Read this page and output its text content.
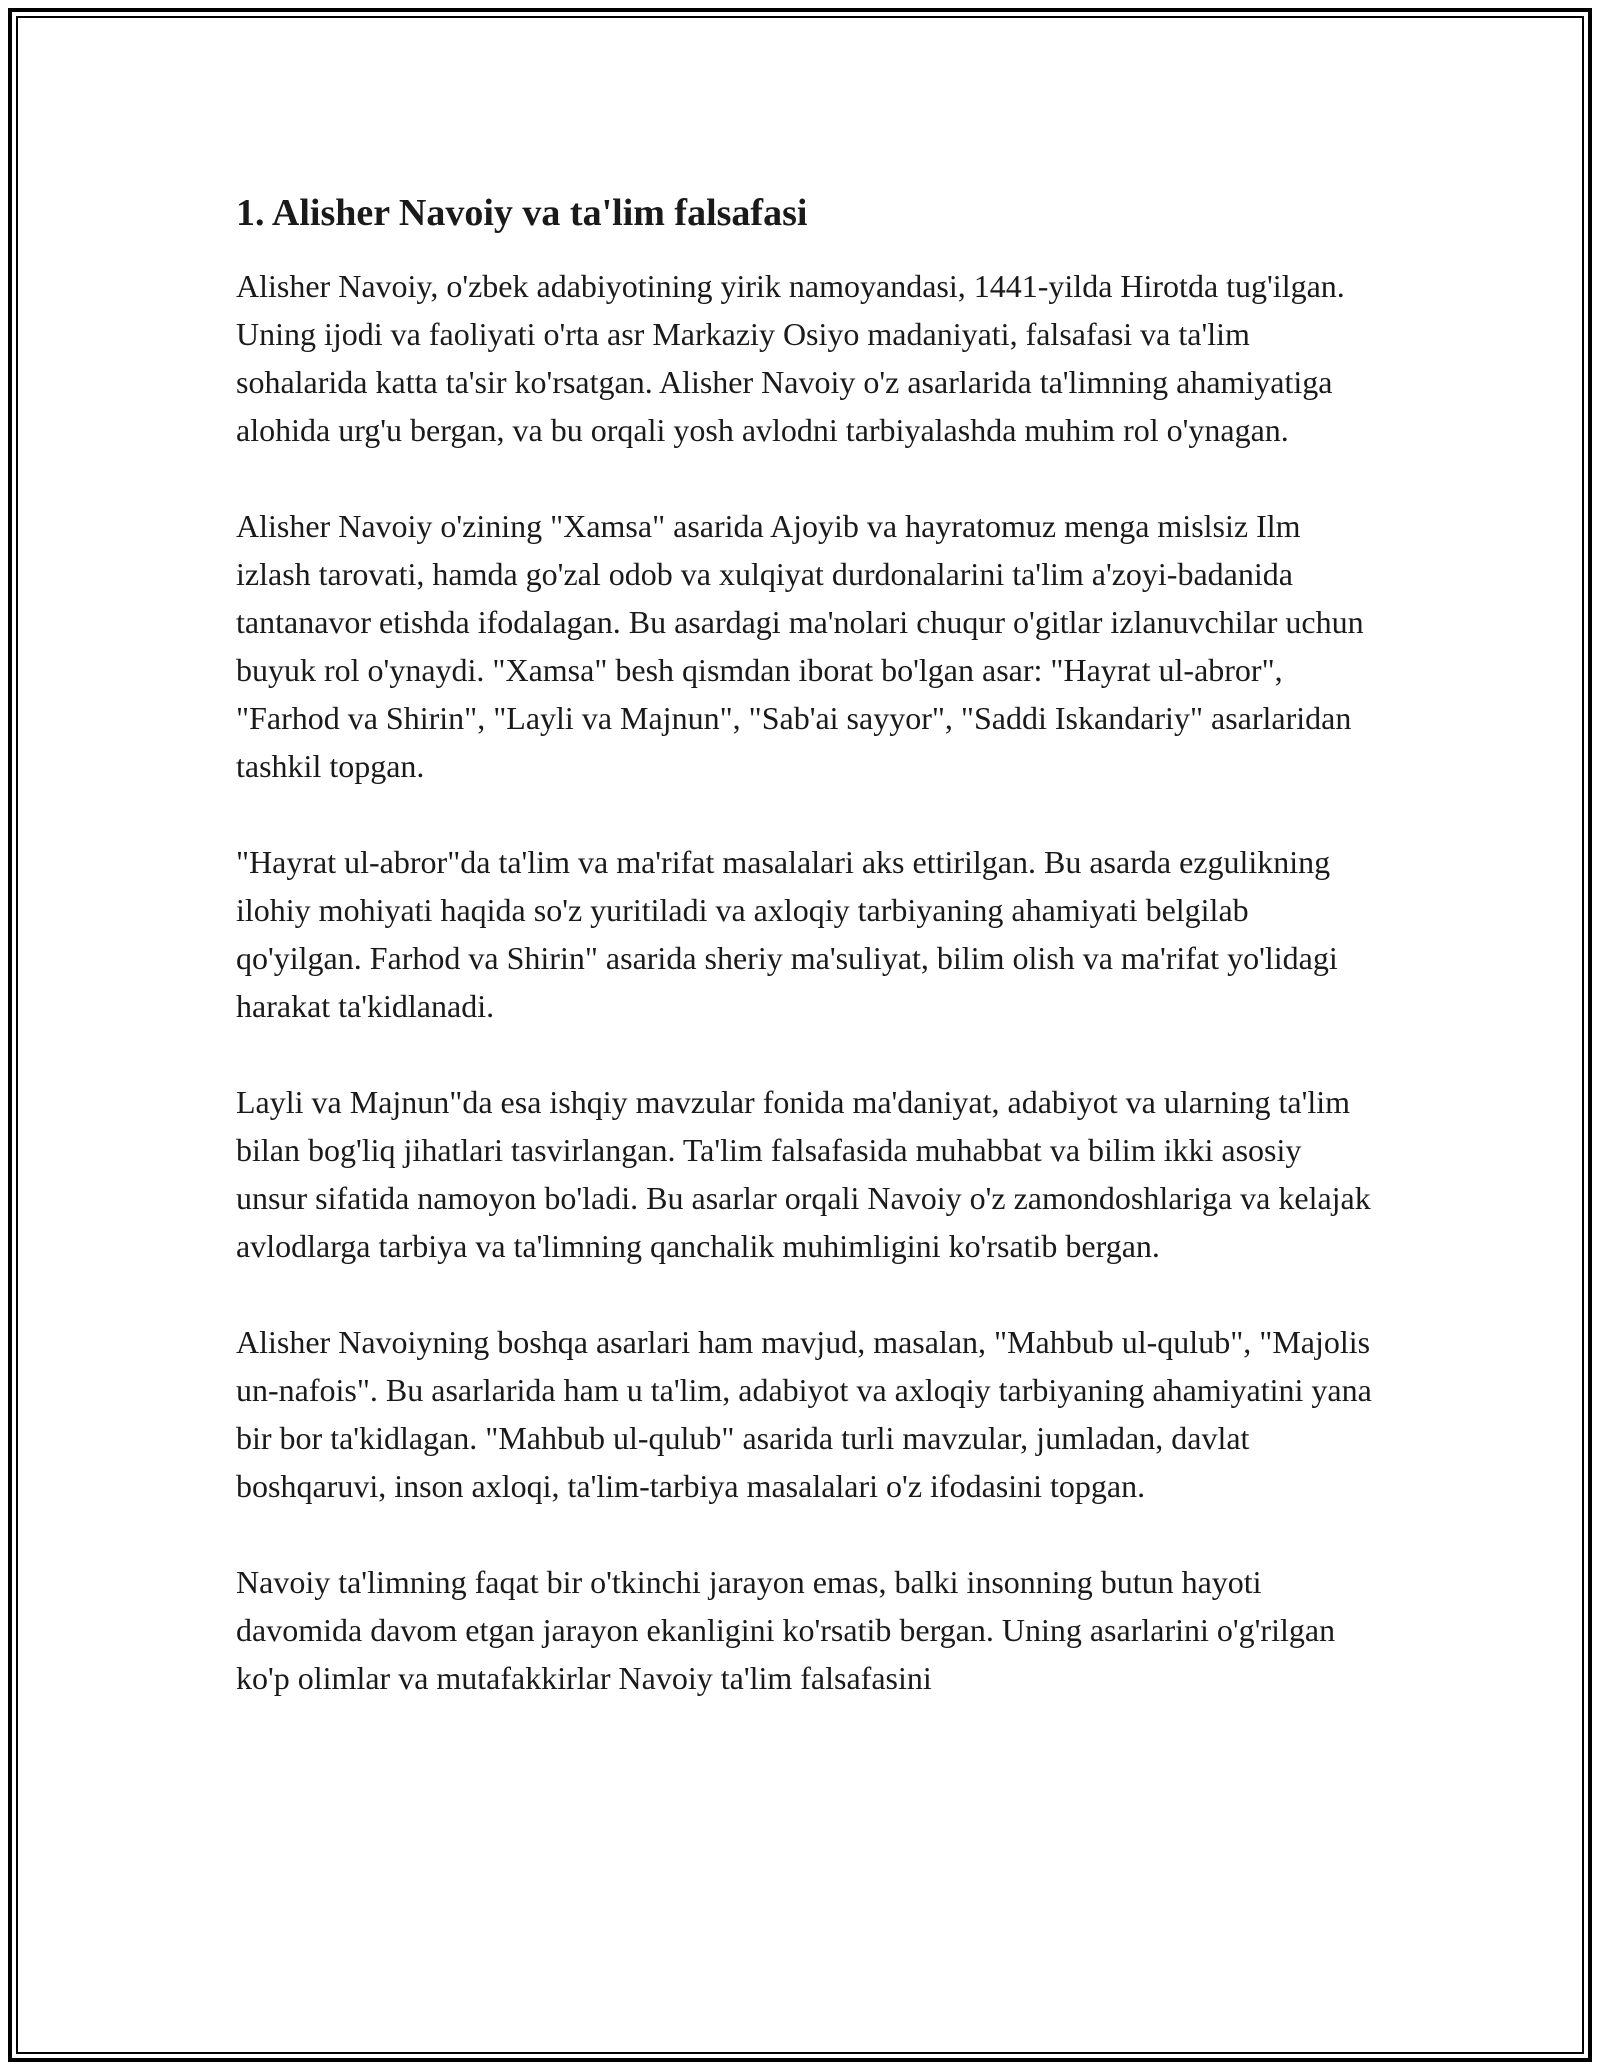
1. Alisher Navoiy va ta'lim falsafasi

Alisher Navoiy, o'zbek adabiyotining yirik namoyandasi, 1441-yilda Hirotda tug'ilgan. Uning ijodi va faoliyati o'rta asr Markaziy Osiyo madaniyati, falsafasi va ta'lim sohalarida katta ta'sir ko'rsatgan. Alisher Navoiy o'z asarlarida ta'limning ahamiyatiga alohida urg'u bergan, va bu orqali yosh avlodni tarbiyalashda muhim rol o'ynagan.

Alisher Navoiy o'zining "Xamsa" asarida Ajoyib va hayratomuz menga mislsiz Ilm izlash tarovati, hamda go'zal odob va xulqiyat durdonalarini ta'lim a'zoyi-badanida tantanavor etishda ifodalagan. Bu asardagi ma'nolari chuqur o'gitlar izlanuvchilar uchun buyuk rol o'ynaydi. "Xamsa" besh qismdan iborat bo'lgan asar: "Hayrat ul-abror", "Farhod va Shirin", "Layli va Majnun", "Sab'ai sayyor", "Saddi Iskandariy" asarlaridan tashkil topgan.

"Hayrat ul-abror"da ta'lim va ma'rifat masalalari aks ettirilgan. Bu asarda ezgulikning ilohiy mohiyati haqida so'z yuritiladi va axloqiy tarbiyaning ahamiyati belgilab qo'yilgan. Farhod va Shirin" asarida sheriy ma'suliyat, bilim olish va ma'rifat yo'lidagi harakat ta'kidlanadi.

Layli va Majnun"da esa ishqiy mavzular fonida ma'daniyat, adabiyot va ularning ta'lim bilan bog'liq jihatlari tasvirlangan. Ta'lim falsafasida muhabbat va bilim ikki asosiy unsur sifatida namoyon bo'ladi. Bu asarlar orqali Navoiy o'z zamondoshlariga va kelajak avlodlarga tarbiya va ta'limning qanchalik muhimligini ko'rsatib bergan.

Alisher Navoiyning boshqa asarlari ham mavjud, masalan, "Mahbub ul-qulub", "Majolis un-nafois". Bu asarlarida ham u ta'lim, adabiyot va axloqiy tarbiyaning ahamiyatini yana bir bor ta'kidlagan. "Mahbub ul-qulub" asarida turli mavzular, jumladan, davlat boshqaruvi, inson axloqi, ta'lim-tarbiya masalalari o'z ifodasini topgan.

Navoiy ta'limning faqat bir o'tkinchi jarayon emas, balki insonning butun hayoti davomida davom etgan jarayon ekanligini ko'rsatib bergan. Uning asarlarini o'g'rilgan ko'p olimlar va mutafakkirlar Navoiy ta'lim falsafasini
